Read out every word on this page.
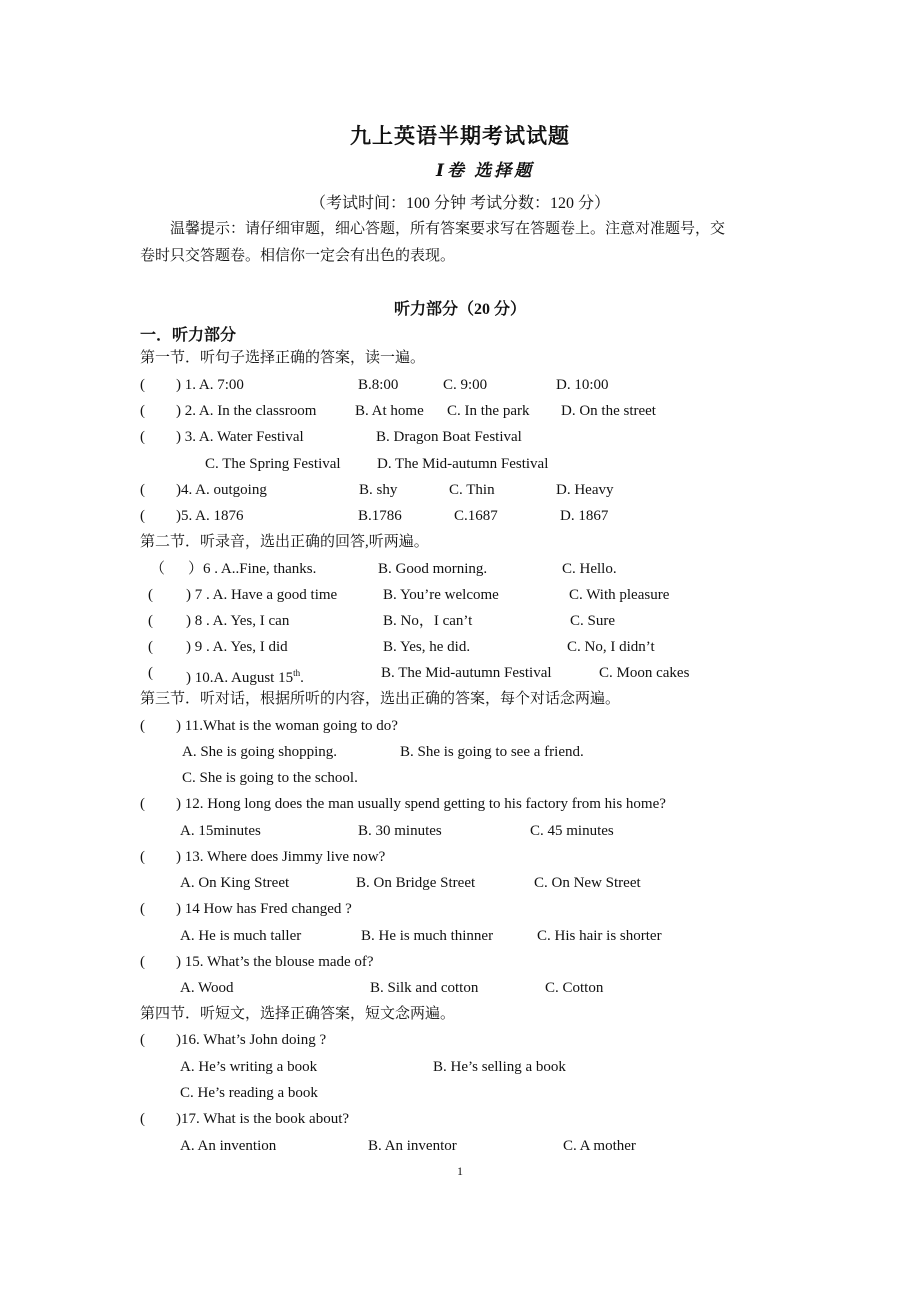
九上英语半期考试试题
Ⅰ卷 选择题
（考试时间：100 分钟 考试分数：120 分）
温馨提示：请仔细审题，细心答题，所有答案要求写在答题卷上。注意对准题号，交
卷时只交答题卷。相信你一定会有出色的表现。
听力部分（20 分）
一．听力部分
第一节．听句子选择正确的答案，读一遍。
( ) 1. A. 7:00	B.8:00	C. 9:00	D. 10:00
( ) 2. A. In the classroom	B. At home C. In the park D. On the street
( ) 3. A. Water Festival	B. Dragon Boat Festival
C. The Spring Festival D. The Mid-autumn Festival
( )4. A. outgoing	B. shy	C. Thin	D. Heavy
( )5. A. 1876	B.1786	C.1687	D. 1867
第二节．听录音，选出正确的回答,听两遍。
（ ）6 . A..Fine, thanks.	B. Good morning.	C. Hello.
( ) 7 . A. Have a good time	B. You’re welcome	C. With pleasure
( ) 8 . A. Yes, I can	B. No，I can’t	C. Sure
( ) 9 . A. Yes, I did	B. Yes, he did.	C. No, I didn’t
( ) 10.A. August 15th.	B. The Mid-autumn Festival	C. Moon cakes
第三节．听对话，根据所听的内容，选出正确的答案，每个对话念两遍。
( ) 11.What is the woman going to do?
A. She is going shopping.	B. She is going to see a friend.
C. She is going to the school.
( ) 12. Hong long does the man usually spend getting to his factory from his home?
A. 15minutes	B. 30 minutes	C. 45 minutes
( ) 13. Where does Jimmy live now?
A. On King Street	B. On Bridge Street	C. On New Street
( ) 14 How has Fred changed ?
A. He is much taller	B. He is much thinner	C. His hair is shorter
( ) 15. What’s the blouse made of?
A. Wood	B. Silk and cotton	C. Cotton
第四节．听短文，选择正确答案，短文念两遍。
( )16. What’s John doing ?
A. He’s writing a book	B. He’s selling a book
C. He’s reading a book
( )17. What is the book about?
A. An invention	B. An inventor	C. A mother
1
